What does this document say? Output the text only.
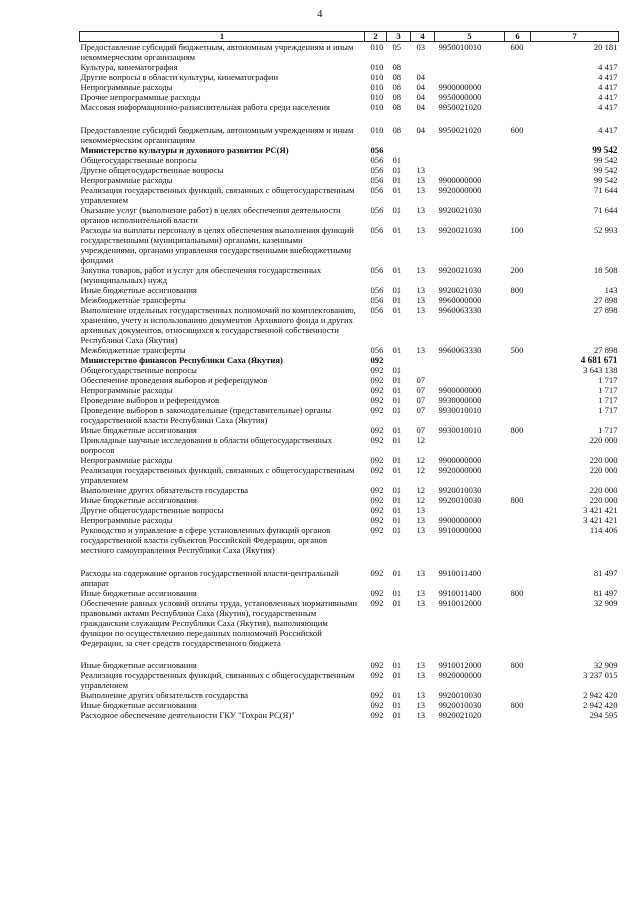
4
1	2	3	4	5	6	7
Предоставление субсидий бюджетным, автономным учреждениям и иным некоммерческим организациям	010	05	03	9950010010	600	20 181
Культура, кинематография	010	08				4 417
Другие вопросы в области культуры, кинематографии	010	08	04			4 417
Непрограммные расходы	010	08	04	9900000000		4 417
Прочие непрограммные расходы	010	08	04	9950000000		4 417
Массовая информационно-разъяснительная работа среди населения	010	08	04	9950021020		4 417
Предоставление субсидий бюджетным, автономным учреждениям и иным некоммерческим организациям	010	08	04	9950021020	600	4 417
Министерство культуры и духовного развития РС(Я)	056					99 542
Общегосударственные вопросы	056	01				99 542
Другие общегосударственные вопросы	056	01	13			99 542
Непрограммные расходы	056	01	13	9900000000		99 542
Реализация государственных функций, связанных с общегосударственным управлением	056	01	13	9920000000		71 644
Оказание услуг (выполнение работ) в целях обеспечения деятельности органов исполнительной власти	056	01	13	9920021030		71 644
Расходы на выплаты персоналу в целях обеспечения выполнения функций государственными (муниципальными) органами, казенными учреждениями, органами управления государственными внебюджетными фондами	056	01	13	9920021030	100	52 993
Закупка товаров, работ и услуг для обеспечения государственных (муниципальных) нужд	056	01	13	9920021030	200	18 508
Иные бюджетные ассигнования	056	01	13	9920021030	800	143
Межбюджетные трансферты	056	01	13	9960000000		27 898
Выполнение отдельных государственных полномочий по комплектованию, хранению, учету и использованию документов Архивного фонда и других архивных документов, относящихся к государственной собственности Республики Саха (Якутия)	056	01	13	9960063330		27 898
Межбюджетные трансферты	056	01	13	9960063330	500	27 898
Министерство финансов Республики Саха (Якутия)	092					4 681 671
Общегосударственные вопросы	092	01				3 643 138
Обеспечение проведения выборов и референдумов	092	01	07			1 717
Непрограммные расходы	092	01	07	9900000000		1 717
Проведение выборов и референдумов	092	01	07	9930000000		1 717
Проведение выборов в законодательные (представительные) органы государственной власти Республики Саха (Якутия)	092	01	07	9930010010		1 717
Иные бюджетные ассигнования	092	01	07	9930010010	800	1 717
Прикладные научные исследования в области общегосударственных вопросов	092	01	12			220 000
Непрограммные расходы	092	01	12	9900000000		220 000
Реализация государственных функций, связанных с общегосударственным управлением	092	01	12	9920000000		220 000
Выполнение других обязательств государства	092	01	12	9920010030		220 000
Иные бюджетные ассигнования	092	01	12	9920010030	800	220 000
Другие общегосударственные вопросы	092	01	13			3 421 421
Непрограммные расходы	092	01	13	9900000000		3 421 421
Руководство и управление в сфере установленных функций органов государственной власти субъектов Российской Федерации, органов местного самоуправления Республики Саха (Якутия)	092	01	13	9910000000		114 406
Расходы на содержание органов государственной власти-центральный аппарат	092	01	13	9910011400		81 497
Иные бюджетные ассигнования	092	01	13	9910011400	800	81 497
Обеспечение равных условий оплаты труда, установленных нормативными правовыми актами Республики Саха (Якутия), государственным гражданским служащим Республики Саха (Якутия), выполняющим функции по осуществлению переданных полномочий Российской Федерации, за счет средств государственного бюджета	092	01	13	9910012000		32 909
Иные бюджетные ассигнования	092	01	13	9910012000	800	32 909
Реализация государственных функций, связанных с общегосударственным управлением	092	01	13	9920000000		3 237 015
Выполнение других обязательств государства	092	01	13	9920010030		2 942 420
Иные бюджетные ассигнования	092	01	13	9920010030	800	2 942 420
Расходное обеспечение деятельности ГКУ "Гохран РС(Я)"	092	01	13	9920021020		294 595
